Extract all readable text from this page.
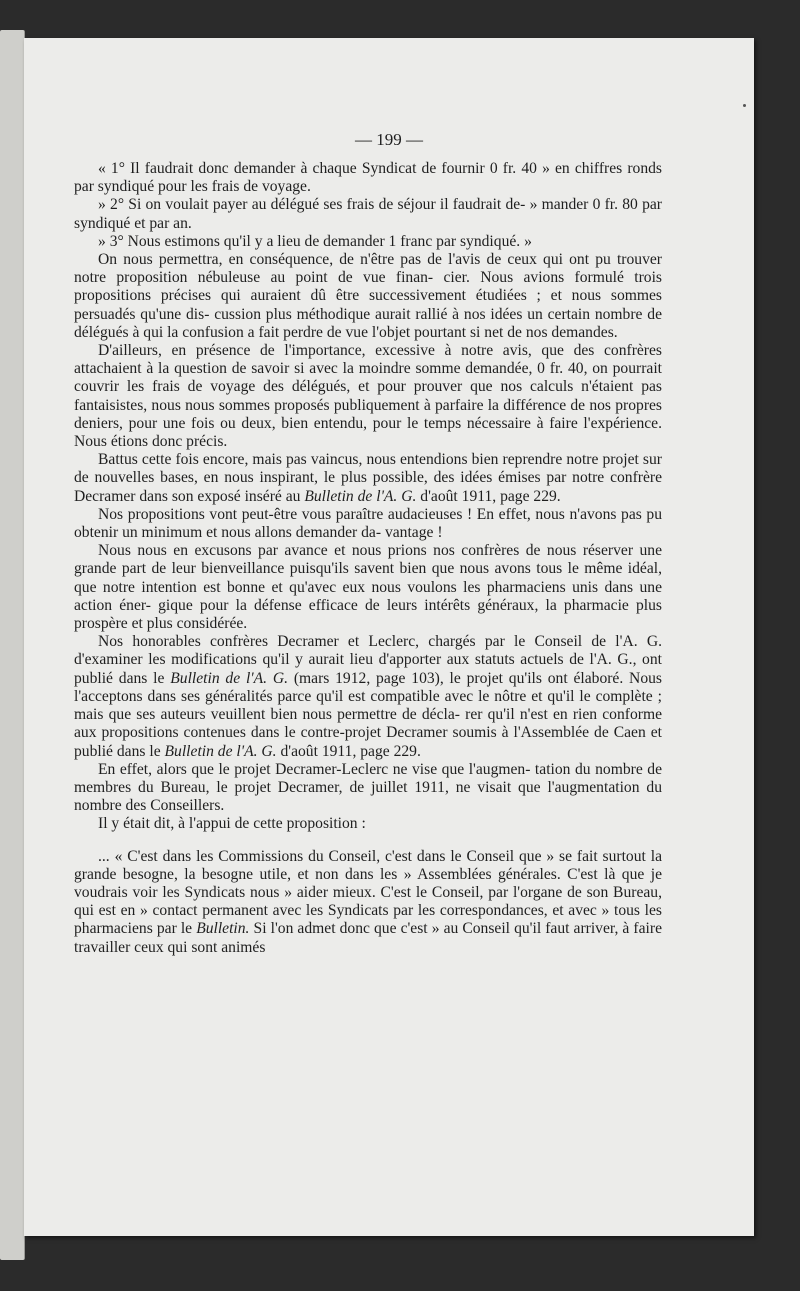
— 199 —

« 1° Il faudrait donc demander à chaque Syndicat de fournir 0 fr. 40 » en chiffres ronds par syndiqué pour les frais de voyage.

» 2° Si on voulait payer au délégué ses frais de séjour il faudrait de- » mander 0 fr. 80 par syndiqué et par an.

» 3° Nous estimons qu'il y a lieu de demander 1 franc par syndiqué. »

On nous permettra, en conséquence, de n'être pas de l'avis de ceux qui ont pu trouver notre proposition nébuleuse au point de vue finan- cier. Nous avions formulé trois propositions précises qui auraient dû être successivement étudiées ; et nous sommes persuadés qu'une dis- cussion plus méthodique aurait rallié à nos idées un certain nombre de délégués à qui la confusion a fait perdre de vue l'objet pourtant si net de nos demandes.

D'ailleurs, en présence de l'importance, excessive à notre avis, que des confrères attachaient à la question de savoir si avec la moindre somme demandée, 0 fr. 40, on pourrait couvrir les frais de voyage des délégués, et pour prouver que nos calculs n'étaient pas fantaisistes, nous nous sommes proposés publiquement à parfaire la différence de nos propres deniers, pour une fois ou deux, bien entendu, pour le temps nécessaire à faire l'expérience. Nous étions donc précis.

Battus cette fois encore, mais pas vaincus, nous entendions bien reprendre notre projet sur de nouvelles bases, en nous inspirant, le plus possible, des idées émises par notre confrère Decramer dans son exposé inséré au Bulletin de l'A. G. d'août 1911, page 229.

Nos propositions vont peut-être vous paraître audacieuses ! En effet, nous n'avons pas pu obtenir un minimum et nous allons demander da- vantage !

Nous nous en excusons par avance et nous prions nos confrères de nous réserver une grande part de leur bienveillance puisqu'ils savent bien que nous avons tous le même idéal, que notre intention est bonne et qu'avec eux nous voulons les pharmaciens unis dans une action éner- gique pour la défense efficace de leurs intérêts généraux, la pharmacie plus prospère et plus considérée.

Nos honorables confrères Decramer et Leclerc, chargés par le Conseil de l'A. G. d'examiner les modifications qu'il y aurait lieu d'apporter aux statuts actuels de l'A. G., ont publié dans le Bulletin de l'A. G. (mars 1912, page 103), le projet qu'ils ont élaboré. Nous l'acceptons dans ses généralités parce qu'il est compatible avec le nôtre et qu'il le complète ; mais que ses auteurs veuillent bien nous permettre de décla- rer qu'il n'est en rien conforme aux propositions contenues dans le contre-projet Decramer soumis à l'Assemblée de Caen et publié dans le Bulletin de l'A. G. d'août 1911, page 229.

En effet, alors que le projet Decramer-Leclerc ne vise que l'augmen- tation du nombre de membres du Bureau, le projet Decramer, de juillet 1911, ne visait que l'augmentation du nombre des Conseillers.

Il y était dit, à l'appui de cette proposition :

... « C'est dans les Commissions du Conseil, c'est dans le Conseil que » se fait surtout la grande besogne, la besogne utile, et non dans les » Assemblées générales. C'est là que je voudrais voir les Syndicats nous » aider mieux. C'est le Conseil, par l'organe de son Bureau, qui est en » contact permanent avec les Syndicats par les correspondances, et avec » tous les pharmaciens par le Bulletin. Si l'on admet donc que c'est » au Conseil qu'il faut arriver, à faire travailler ceux qui sont animés
